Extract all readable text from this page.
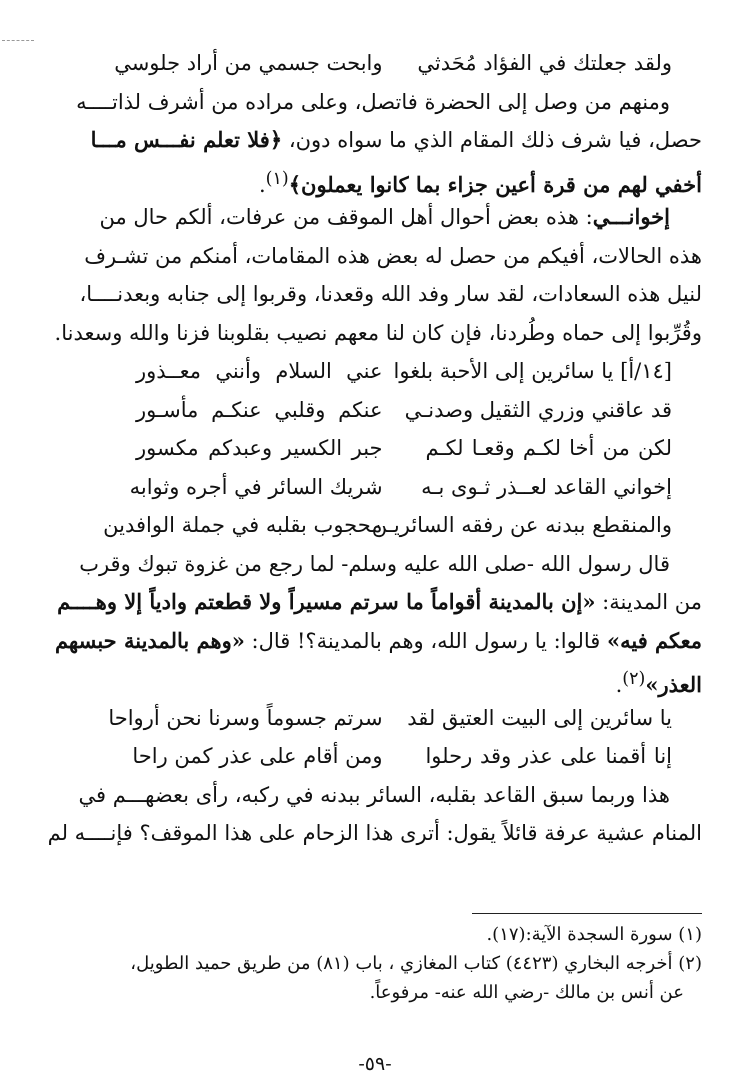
ولقد جعلتك في الفؤاد مُحَدثي
وابحت جسمي من أراد جلوسي
ومنهم من وصل إلى الحضرة فاتصل، وعلى مراده من أشرف لذاتــــه
حصل، فيا شرف ذلك المقام الذي ما سواه دون، ﴿فلا تعلم نفـــس مـــا
أخفي لهم من قرة أعين جزاء بما كانوا يعملون﴾$^{(١)}$.
إخوانـــي: هذه بعض أحوال أهل الموقف من عرفات، ألكم حال من
هذه الحالات، أفيكم من حصل له بعض هذه المقامات، أمنكم من تشـرف
لنيل هذه السعادات، لقد سار وفد الله وقعدنا، وقربوا إلى جنابه وبعدنــــا،
وقُرِّبوا إلى حماه وطُردنا، فإن كان لنا معهم نصيب بقلوبنا فزنا والله وسعدنا.
[١٤/أ] يا سائرين إلى الأحبة بلغوا
عني السلام وأنني معــذور
قد عاقني وزري الثقيل وصدنـي
عنكم وقلبي عنكـم مأسـور
لكن من أخا لكـم وقعـا لكـم
جبر الكسير وعبدكم مكسور
إخواني القاعد لعــذر ثـوى بـه
شريك السائر في أجره وثوابه
والمنقطع ببدنه عن رفقه السائريـن
محجوب بقلبه في جملة الوافدين
قال رسول الله -صلى الله عليه وسلم- لما رجع من غزوة تبوك وقرب
من المدينة: «إن بالمدينة أقواماً ما سرتم مسيراً ولا قطعتم وادياً إلا وهــــم
معكم فيه» قالوا: يا رسول الله، وهم بالمدينة؟! قال: «وهم بالمدينة حبسهم
العذر»$^{(٢)}$.
يا سائرين إلى البيت العتيق لقد
سرتم جسوماً وسرنا نحن أرواحا
إنا أقمنا على عذر وقد رحلوا
ومن أقام على عذر كمن راحا
هذا وربما سبق القاعد بقلبه، السائر ببدنه في ركبه، رأى بعضهـــم في
المنام عشية عرفة قائلاً يقول: أترى هذا الزحام على هذا الموقف؟ فإنــــه لم
(١) سورة السجدة الآية:(١٧).
(٢) أخرجه البخاري (٤٤٢٣) كتاب المغازي ، باب (٨١) من طريق حميد الطويل،
عن أنس بن مالك -رضي الله عنه- مرفوعاً.
-٥٩-
